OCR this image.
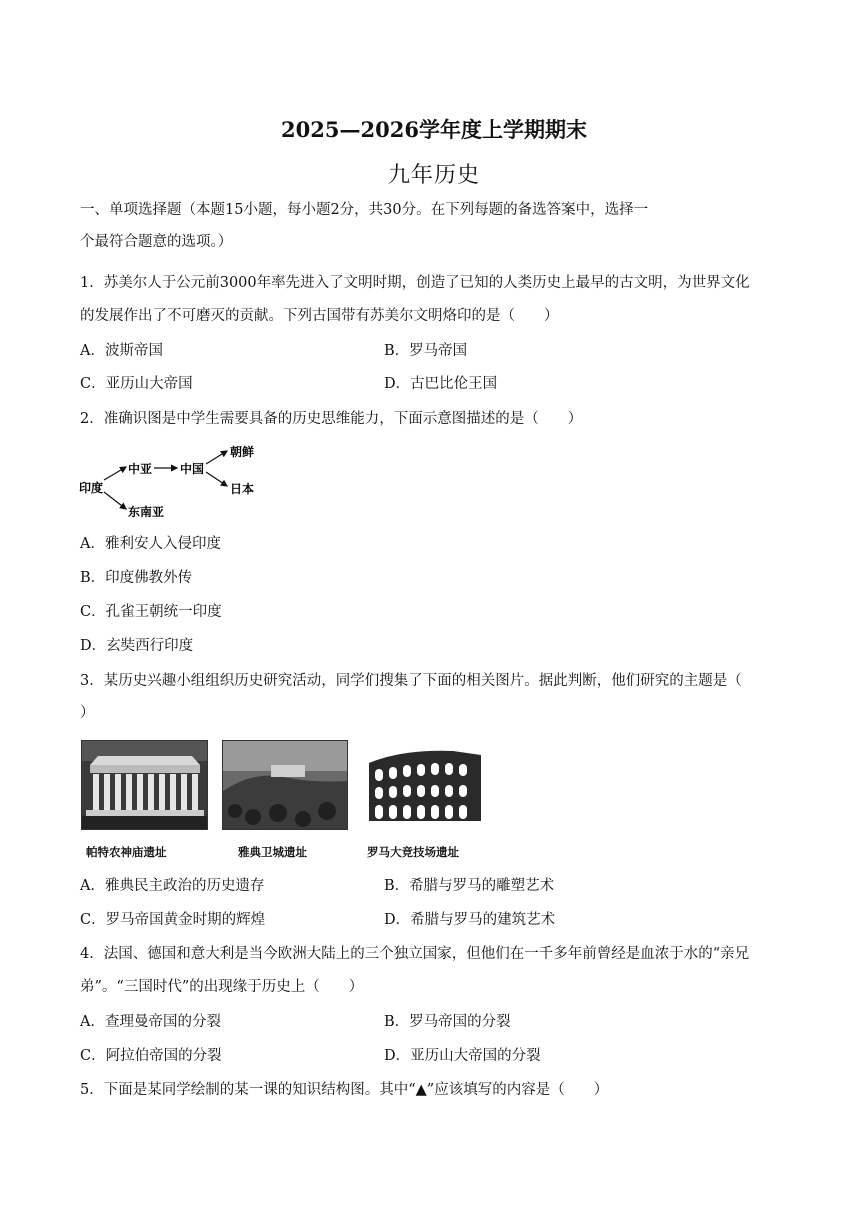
2025—2026学年度上学期期末
九年历史
一、单项选择题（本题15小题，每小题2分，共30分。在下列每题的备选答案中，选择一
个最符合题意的选项。）
1．苏美尔人于公元前3000年率先进入了文明时期，创造了已知的人类历史上最早的古文明，为世界文化
的发展作出了不可磨灭的贡献。下列古国带有苏美尔文明烙印的是（　　）
A．波斯帝国	B．罗马帝国
C．亚历山大帝国	D．古巴比伦王国
2．准确识图是中学生需要具备的历史思维能力，下面示意图描述的是（　　）
印度
中亚 中国
朝鲜
日本
东南亚
A．雅利安人入侵印度
B．印度佛教外传
C．孔雀王朝统一印度
D．玄奘西行印度
3．某历史兴趣小组组织历史研究活动，同学们搜集了下面的相关图片。据此判断，他们研究的主题是（
）
帕特农神庙遗址	雅典卫城遗址	罗马大竞技场遗址
A．雅典民主政治的历史遗存	B．希腊与罗马的雕塑艺术
C．罗马帝国黄金时期的辉煌	D．希腊与罗马的建筑艺术
4．法国、德国和意大利是当今欧洲大陆上的三个独立国家，但他们在一千多年前曾经是血浓于水的“亲兄
弟”。“三国时代”的出现缘于历史上（　　）
A．查理曼帝国的分裂	B．罗马帝国的分裂
C．阿拉伯帝国的分裂	D．亚历山大帝国的分裂
5．下面是某同学绘制的某一课的知识结构图。其中“▲”应该填写的内容是（　　）
